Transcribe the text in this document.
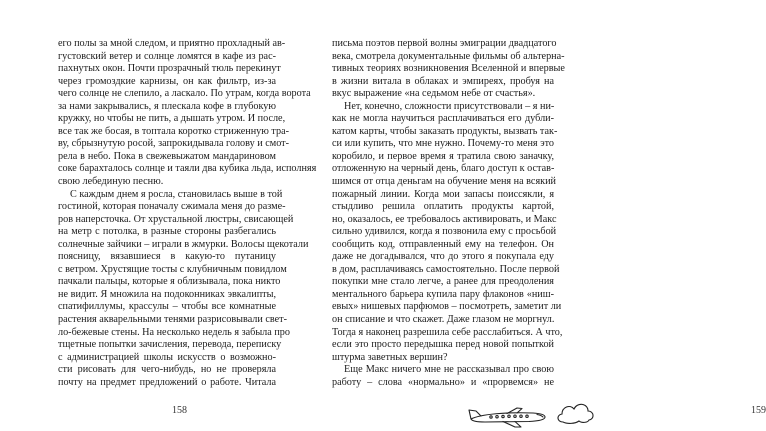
его полы за мной следом, и приятно прохладный ав-
густовский ветер и солнце ломятся в кафе из рас-
пахнутых окон. Почти прозрачный тюль перекинут
через громоздкие карнизы, он как фильтр, из-за
чего солнце не слепило, а ласкало. По утрам, когда ворота
за нами закрывались, я плескала кофе в глубокую
кружку, но чтобы не пить, а дышать утром. И после,
все так же босая, в топтала коротко стриженную тра-
ву, сбрызнутую росой, запрокидывала голову и смот-
рела в небо. Пока в свежевыжатом мандариновом
соке барахталось солнце и таяли два кубика льда, исполняя
свою лебединую песню.
С каждым днем я росла, становилась выше в той
гостиной, которая поначалу сжимала меня до разме-
ров наперсточка. От хрустальной люстры, свисающей
на метр с потолка, в разные стороны разбегались
солнечные зайчики – играли в жмурки. Волосы щекотали
поясницу, вязавшиеся в какую-то путаницу
с ветром. Хрустящие тосты с клубничным повидлом
пачкали пальцы, которые я облизывала, пока никто
не видит. Я множила на подоконниках эвкалипты,
спатифиллумы, крассулы – чтобы все комнатные
растения акварельными тенями разрисовывали свет-
ло-бежевые стены. На несколько недель я забыла про
тщетные попытки зачисления, перевода, переписку
с администрацией школы искусств о возможно-
сти рисовать для чего-нибудь, но не проверяла
почту на предмет предложений о работе. Читала
158	159
письма поэтов первой волны эмиграции двадцатого
века, смотрела документальные фильмы об альтерна-
тивных теориях возникновения Вселенной и впервые
в жизни витала в облаках и эмпиреях, пробуя на
вкус выражение «на седьмом небе от счастья».
Нет, конечно, сложности присутствовали – я ни-
как не могла научиться расплачиваться его дубли-
катом карты, чтобы заказать продукты, вызвать так-
си или купить, что мне нужно. Почему-то меня это
коробило, и первое время я тратила свою заначку,
отложенную на черный день, благо доступ к остав-
шимся от отца деньгам на обучение меня на всякий
пожарный линии. Когда мои запасы поиссякли, я
стыдливо решила оплатить продукты картой,
но, оказалось, ее требовалось активировать, и Макс
сильно удивился, когда я позвонила ему с просьбой
сообщить код, отправленный ему на телефон. Он
даже не догадывался, что до этого я покупала еду
в дом, расплачиваясь самостоятельно. После первой
покупки мне стало легче, а ранее для преодоления
ментального барьера купила пару флаконов «ниш-
евых» нишевых парфюмов – посмотреть, заметит ли
он списание и что скажет. Даже глазом не моргнул.
Тогда я наконец разрешила себе расслабиться. А что,
если это просто передышка перед новой попыткой
штурма заветных вершин?
Еще Макс ничего мне не рассказывал про свою
работу – слова «нормально» и «прорвемся» не
